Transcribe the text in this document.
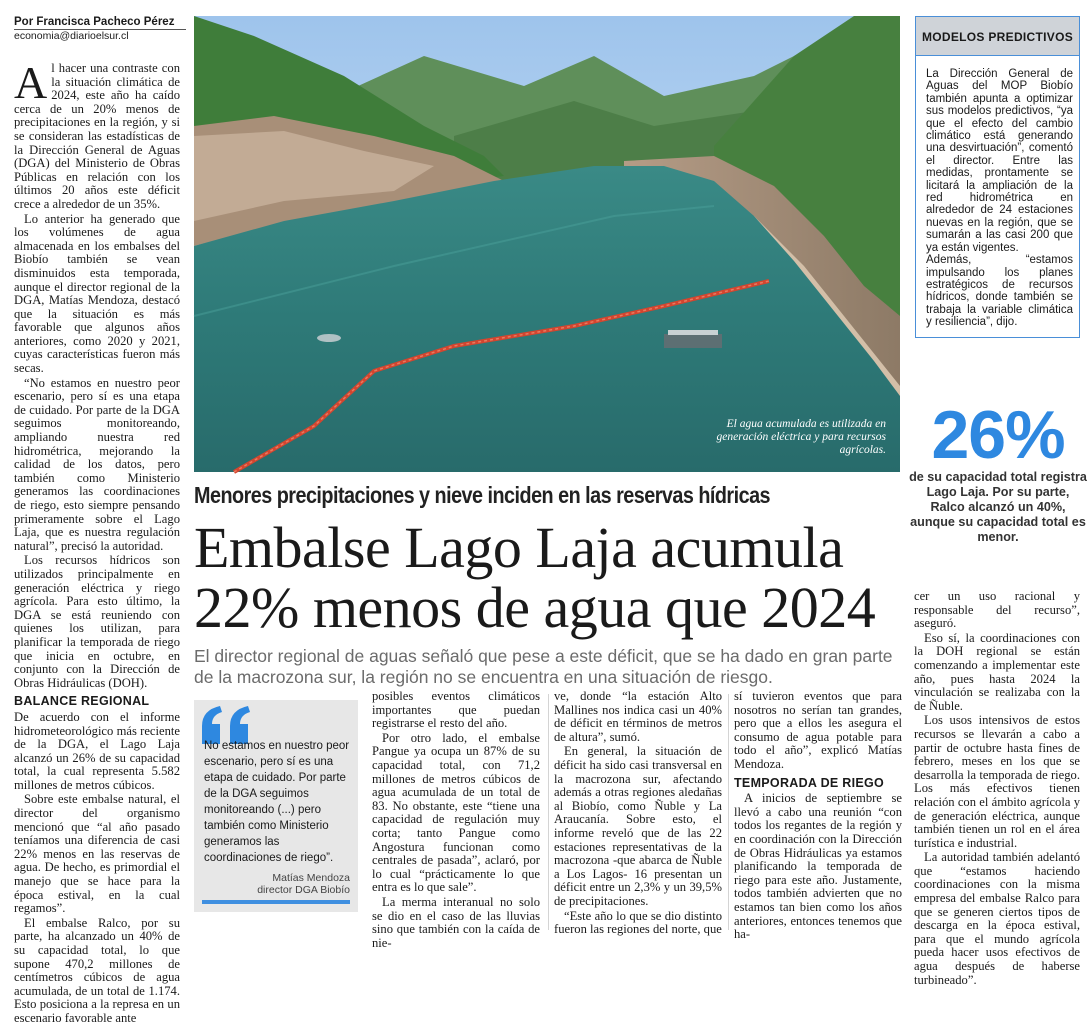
Por Francisca Pacheco Pérez
economia@diarioelsur.cl

Al hacer una contraste con la situación climática de 2024, este año ha caído cerca de un 20% menos de precipitaciones en la región, y si se consideran las estadísticas de la Dirección General de Aguas (DGA) del Ministerio de Obras Públicas en relación con los últimos 20 años este déficit crece a alrededor de un 35%.

Lo anterior ha generado que los volúmenes de agua almacenada en los embalses del Biobío también se vean disminuidos esta temporada, aunque el director regional de la DGA, Matías Mendoza, destacó que la situación es más favorable que algunos años anteriores, como 2020 y 2021, cuyas características fueron más secas.

“No estamos en nuestro peor escenario, pero sí es una etapa de cuidado. Por parte de la DGA seguimos monitoreando, ampliando nuestra red hidrométrica, mejorando la calidad de los datos, pero también como Ministerio generamos las coordinaciones de riego, esto siempre pensando primeramente sobre el Lago Laja, que es nuestra regulación natural”, precisó la autoridad.

Los recursos hídricos son utilizados principalmente en generación eléctrica y riego agrícola. Para esto último, la DGA se está reuniendo con quienes los utilizan, para planificar la temporada de riego que inicia en octubre, en conjunto con la Dirección de Obras Hidráulicas (DOH).

BALANCE REGIONAL

De acuerdo con el informe hidrometeorológico más reciente de la DGA, el Lago Laja alcanzó un 26% de su capacidad total, la cual representa 5.582 millones de metros cúbicos.

Sobre este embalse natural, el director del organismo mencionó que “al año pasado teníamos una diferencia de casi 22% menos en las reservas de agua. De hecho, es primordial el manejo que se hace para la época estival, en la cual regamos”.

El embalse Ralco, por su parte, ha alcanzado un 40% de su capacidad total, lo que supone 470,2 millones de centímetros cúbicos de agua acumulada, de un total de 1.174. Esto posiciona a la represa en un escenario favorable ante

El agua acumulada es utilizada en generación eléctrica y para recursos agrícolas.
Menores precipitaciones y nieve inciden en las reservas hídricas
Embalse Lago Laja acumula
22% menos de agua que 2024
El director regional de aguas señaló que pese a este déficit, que se ha dado en gran parte de la macrozona sur, la región no se encuentra en una situación de riesgo.
No estamos en nuestro peor escenario, pero sí es una etapa de cuidado. Por parte de la DGA seguimos monitoreando (...) pero también como Ministerio generamos las coordinaciones de riego”.
Matías Mendoza
director DGA Biobío

posibles eventos climáticos importantes que puedan registrarse el resto del año.

Por otro lado, el embalse Pangue ya ocupa un 87% de su capacidad total, con 71,2 millones de metros cúbicos de agua acumulada de un total de 83. No obstante, este “tiene una capacidad de regulación muy corta; tanto Pangue como Angostura funcionan como centrales de pasada”, aclaró, por lo cual “prácticamente lo que entra es lo que sale”.

La merma interanual no solo se dio en el caso de las lluvias sino que también con la caída de nie-

ve, donde “la estación Alto Mallines nos indica casi un 40% de déficit en términos de metros de altura”, sumó.

En general, la situación de déficit ha sido casi transversal en la macrozona sur, afectando además a otras regiones aledañas al Biobío, como Ñuble y La Araucanía. Sobre esto, el informe reveló que de las 22 estaciones representativas de la macrozona -que abarca de Ñuble a Los Lagos- 16 presentan un déficit entre un 2,3% y un 39,5% de precipitaciones.

“Este año lo que se dio distinto fueron las regiones del norte, que

sí tuvieron eventos que para nosotros no serían tan grandes, pero que a ellos les asegura el consumo de agua potable para todo el año”, explicó Matías Mendoza.

TEMPORADA DE RIEGO

A inicios de septiembre se llevó a cabo una reunión “con todos los regantes de la región y en coordinación con la Dirección de Obras Hidráulicas ya estamos planificando la temporada de riego para este año. Justamente, todos también advierten que no estamos tan bien como los años anteriores, entonces tenemos que ha-

MODELOS PREDICTIVOS
La Dirección General de Aguas del MOP Biobío también apunta a optimizar sus modelos predictivos, “ya que el efecto del cambio climático está generando una desvirtuación”, comentó el director. Entre las medidas, prontamente se licitará la ampliación de la red hidrométrica en alrededor de 24 estaciones nuevas en la región, que se sumarán a las casi 200 que ya están vigentes.
Además, “estamos impulsando los planes estratégicos de recursos hídricos, donde también se trabaja la variable climática y resiliencia”, dijo.
26%
de su capacidad total registra Lago Laja. Por su parte, Ralco alcanzó un 40%, aunque su capacidad total es menor.

cer un uso racional y responsable del recurso”, aseguró.

Eso sí, la coordinaciones con la DOH regional se están comenzando a implementar este año, pues hasta 2024 la vinculación se realizaba con la de Ñuble.

Los usos intensivos de estos recursos se llevarán a cabo a partir de octubre hasta fines de febrero, meses en los que se desarrolla la temporada de riego. Los más efectivos tienen relación con el ámbito agrícola y de generación eléctrica, aunque también tienen un rol en el área turística e industrial.

La autoridad también adelantó que “estamos haciendo coordinaciones con la misma empresa del embalse Ralco para que se generen ciertos tipos de descarga en la época estival, para que el mundo agrícola pueda hacer usos efectivos de agua después de haberse turbineado”.
